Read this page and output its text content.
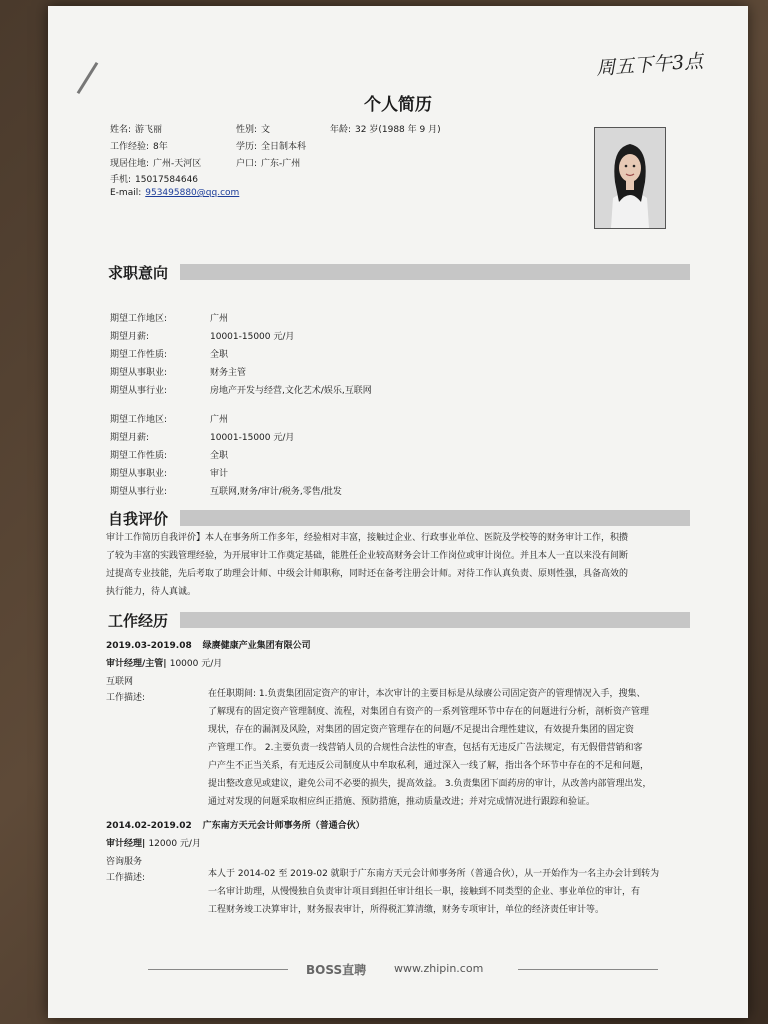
周五下午3点
个人简历
姓名: 游飞丽	性别: 文	年龄: 32 岁(1988 年 9 月)
工作经验: 8年	学历: 全日制本科
现居住地: 广州-天河区	户口: 广东-广州
手机: 15017584646
E-mail: 953495880@qq.com
求职意向
自我评价
工作经历
2019.03-2019.08 绿赓健康产业集团有限公司
审计经理/主管| 10000 元/月
互联网
工作描述:
2014.02-2019.02 广东南方天元会计师事务所（普通合伙）
审计经理| 12000 元/月
咨询服务
工作描述:
BOSS直聘	www.zhipin.com
期望工作地区:	广州
期望月薪:	10001-15000 元/月
期望工作性质:	全职
期望从事职业:	财务主管
期望从事行业:	房地产开发与经营,文化艺术/娱乐,互联网
期望工作地区:	广州
期望月薪:	10001-15000 元/月
期望工作性质:	全职
期望从事职业:	审计
期望从事行业:	互联网,财务/审计/税务,零售/批发
审计工作简历自我评价】本人在事务所工作多年，经验相对丰富，接触过企业、行政事业单位、医院及学校等的财务审计工作，积攒
了较为丰富的实践管理经验，为开展审计工作奠定基础，能胜任企业较高财务会计工作岗位或审计岗位。并且本人一直以来没有间断
过提高专业技能，先后考取了助理会计师、中级会计师职称，同时还在备考注册会计师。对待工作认真负责、原则性强，具备高效的
执行能力，待人真诚。
在任职期间: 1.负责集团固定资产的审计，本次审计的主要目标是从绿赓公司固定资产的管理情况入手，搜集、
了解现有的固定资产管理制度、流程，对集团自有资产的一系列管理环节中存在的问题进行分析，剖析资产管理
现状，存在的漏洞及风险，对集团的固定资产管理存在的问题/不足提出合理性建议，有效提升集团的固定资
产管理工作。 2.主要负责一线营销人员的合规性合法性的审查，包括有无违反广告法规定，有无假借营销和客
户产生不正当关系，有无违反公司制度从中牟取私利，通过深入一线了解，指出各个环节中存在的不足和问题，
提出整改意见或建议，避免公司不必要的损失，提高效益。 3.负责集团下面药房的审计，从改善内部管理出发，
通过对发现的问题采取相应纠正措施、预防措施，推动质量改进；并对完成情况进行跟踪和验证。
本人于 2014-02 至 2019-02 就职于广东南方天元会计师事务所（普通合伙），从一开始作为一名主办会计到转为
一名审计助理，从慢慢独自负责审计项目到担任审计组长一职，接触到不同类型的企业、事业单位的审计，有
工程财务竣工决算审计，财务报表审计，所得税汇算清缴，财务专项审计，单位的经济责任审计等。
